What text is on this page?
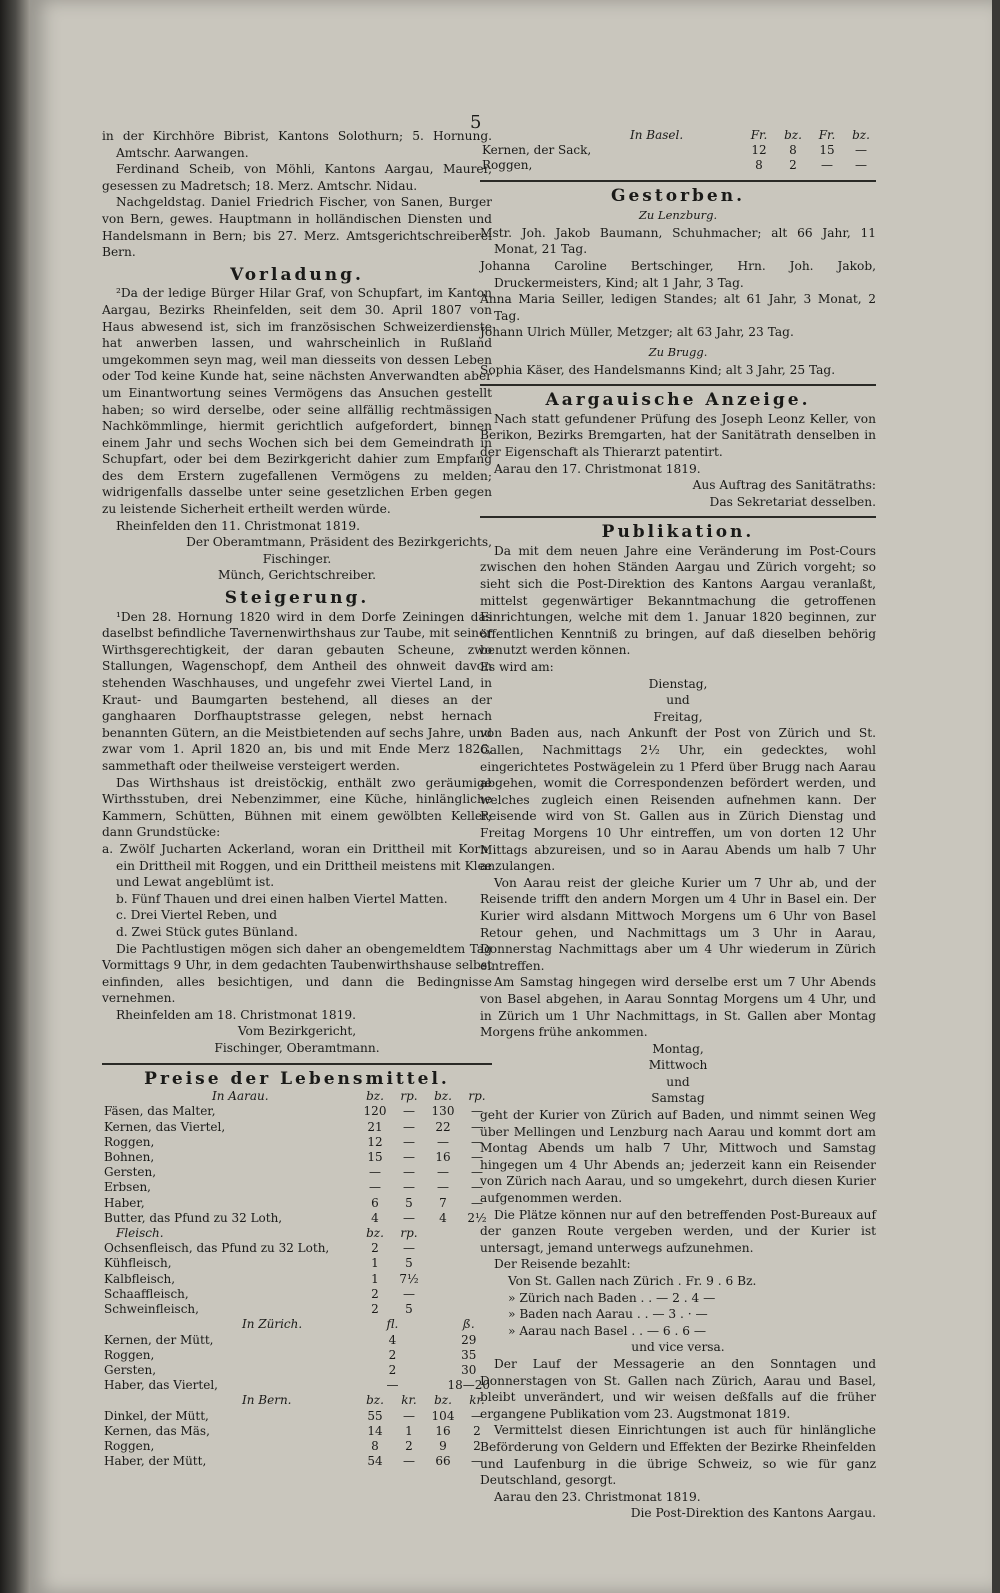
5

in der Kirchhöre Bibrist, Kantons Solothurn; 5. Hornung. Amtschr. Aarwangen.

Ferdinand Scheib, von Möhli, Kantons Aargau, Maurer, gesessen zu Madretsch; 18. Merz. Amtschr. Nidau.

Nachgeldstag. Daniel Friedrich Fischer, von Sanen, Burger von Bern, gewes. Hauptmann in holländischen Diensten und Handelsmann in Bern; bis 27. Merz. Amtsgerichtschreiberei Bern.

Vorladung.

²Da der ledige Bürger Hilar Graf, von Schupfart, im Kanton Aargau, Bezirks Rheinfelden, seit dem 30. April 1807 von Haus abwesend ist, sich im französischen Schweizerdienste hat anwerben lassen, und wahrscheinlich in Rußland umgekommen seyn mag, weil man diesseits von dessen Leben oder Tod keine Kunde hat, seine nächsten Anverwandten aber um Einantwortung seines Vermögens das Ansuchen gestellt haben; so wird derselbe, oder seine allfällig rechtmässigen Nachkömmlinge, hiermit gerichtlich aufgefordert, binnen einem Jahr und sechs Wochen sich bei dem Gemeindrath in Schupfart, oder bei dem Bezirkgericht dahier zum Empfang des dem Erstern zugefallenen Vermögens zu melden; widrigenfalls dasselbe unter seine gesetzlichen Erben gegen zu leistende Sicherheit ertheilt werden würde.

Rheinfelden den 11. Christmonat 1819.

Der Oberamtmann, Präsident des Bezirkgerichts,

Fischinger.

Münch, Gerichtschreiber.

Steigerung.

¹Den 28. Hornung 1820 wird in dem Dorfe Zeiningen das daselbst befindliche Tavernenwirthshaus zur Taube, mit seiner Wirthsgerechtigkeit, der daran gebauten Scheune, zwo Stallungen, Wagenschopf, dem Antheil des ohnweit davon stehenden Waschhauses, und ungefehr zwei Viertel Land, in Kraut- und Baumgarten bestehend, all dieses an der ganghaaren Dorfhauptstrasse gelegen, nebst hernach benannten Gütern, an die Meistbietenden auf sechs Jahre, und zwar vom 1. April 1820 an, bis und mit Ende Merz 1826, sammethaft oder theilweise versteigert werden.

Das Wirthshaus ist dreistöckig, enthält zwo geräumige Wirthsstuben, drei Nebenzimmer, eine Küche, hinlängliche Kammern, Schütten, Bühnen mit einem gewölbten Keller; dann Grundstücke:

a. Zwölf Jucharten Ackerland, woran ein Drittheil mit Korn, ein Drittheil mit Roggen, und ein Drittheil meistens mit Klee und Lewat angeblümt ist.

b. Fünf Thauen und drei einen halben Viertel Matten.

c. Drei Viertel Reben, und

d. Zwei Stück gutes Bünland.

Die Pachtlustigen mögen sich daher an obengemeldtem Tag Vormittags 9 Uhr, in dem gedachten Taubenwirthshause selbst einfinden, alles besichtigen, und dann die Bedingnisse vernehmen.

Rheinfelden am 18. Christmonat 1819.

Vom Bezirkgericht,

Fischinger, Oberamtmann.

Preise der Lebensmittel.
In Aarau.	bz.	rp.	bz.	rp.
Fäsen, das Malter,	120	—	130	—
Kernen, das Viertel,	21	—	22	—
Roggen,	12	—	—	—
Bohnen,	15	—	16	—
Gersten,	—	—	—	—
Erbsen,	—	—	—	—
Haber,	6	5	7	—
Butter, das Pfund zu 32 Loth,	4	—	4	2½
Fleisch.	bz.	rp.		
Ochsenfleisch, das Pfund zu 32 Loth,	2	—		
Kühfleisch,	1	5		
Kalbfleisch,	1	7½		
Schaaffleisch,	2	—		
Schweinfleisch,	2	5		
In Zürich.		fl.		ß.
Kernen, der Mütt,		4		29
Roggen,		2		35
Gersten,		2		30
Haber, das Viertel,		—		18—20
In Bern.	bz.	kr.	bz.	kr.
Dinkel, der Mütt,	55	—	104	—
Kernen, das Mäs,	14	1	16	2
Roggen,	8	2	9	2
Haber, der Mütt,	54	—	66	—
In Basel.	Fr.	bz.	Fr.	bz.
Kernen, der Sack,	12	8	15	—
Roggen,	8	2	—	—
Gestorben.
Zu Lenzburg.

Mstr. Joh. Jakob Baumann, Schuhmacher; alt 66 Jahr, 11 Monat, 21 Tag.

Johanna Caroline Bertschinger, Hrn. Joh. Jakob, Druckermeisters, Kind; alt 1 Jahr, 3 Tag.

Anna Maria Seiller, ledigen Standes; alt 61 Jahr, 3 Monat, 2 Tag.

Johann Ulrich Müller, Metzger; alt 63 Jahr, 23 Tag.

Zu Brugg.

Sophia Käser, des Handelsmanns Kind; alt 3 Jahr, 25 Tag.

Aargauische Anzeige.

Nach statt gefundener Prüfung des Joseph Leonz Keller, von Berikon, Bezirks Bremgarten, hat der Sanitätrath denselben in der Eigenschaft als Thierarzt patentirt.

Aarau den 17. Christmonat 1819.

Aus Auftrag des Sanitätraths:

Das Sekretariat desselben.

Publikation.

Da mit dem neuen Jahre eine Veränderung im Post-Cours zwischen den hohen Ständen Aargau und Zürich vorgeht; so sieht sich die Post-Direktion des Kantons Aargau veranlaßt, mittelst gegenwärtiger Bekanntmachung die getroffenen Einrichtungen, welche mit dem 1. Januar 1820 beginnen, zur öffentlichen Kenntniß zu bringen, auf daß dieselben behörig benutzt werden können.

Es wird am:

Dienstag,

und

Freitag,

von Baden aus, nach Ankunft der Post von Zürich und St. Gallen, Nachmittags 2½ Uhr, ein gedecktes, wohl eingerichtetes Postwägelein zu 1 Pferd über Brugg nach Aarau abgehen, womit die Correspondenzen befördert werden, und welches zugleich einen Reisenden aufnehmen kann. Der Reisende wird von St. Gallen aus in Zürich Dienstag und Freitag Morgens 10 Uhr eintreffen, um von dorten 12 Uhr Mittags abzureisen, und so in Aarau Abends um halb 7 Uhr anzulangen.

Von Aarau reist der gleiche Kurier um 7 Uhr ab, und der Reisende trifft den andern Morgen um 4 Uhr in Basel ein. Der Kurier wird alsdann Mittwoch Morgens um 6 Uhr von Basel Retour gehen, und Nachmittags um 3 Uhr in Aarau, Donnerstag Nachmittags aber um 4 Uhr wiederum in Zürich eintreffen.

Am Samstag hingegen wird derselbe erst um 7 Uhr Abends von Basel abgehen, in Aarau Sonntag Morgens um 4 Uhr, und in Zürich um 1 Uhr Nachmittags, in St. Gallen aber Montag Morgens frühe ankommen.

Montag,

Mittwoch

und

Samstag

geht der Kurier von Zürich auf Baden, und nimmt seinen Weg über Mellingen und Lenzburg nach Aarau und kommt dort am Montag Abends um halb 7 Uhr, Mittwoch und Samstag hingegen um 4 Uhr Abends an; jederzeit kann ein Reisender von Zürich nach Aarau, und so umgekehrt, durch diesen Kurier aufgenommen werden.

Die Plätze können nur auf den betreffenden Post-Bureaux auf der ganzen Route vergeben werden, und der Kurier ist untersagt, jemand unterwegs aufzunehmen.

Der Reisende bezahlt:

Von St. Gallen nach Zürich . Fr. 9 . 6 Bz.

» Zürich nach Baden . . — 2 . 4 —

» Baden nach Aarau . . — 3 . · —

» Aarau nach Basel . . — 6 . 6 —

und vice versa.

Der Lauf der Messagerie an den Sonntagen und Donnerstagen von St. Gallen nach Zürich, Aarau und Basel, bleibt unverändert, und wir weisen deßfalls auf die früher ergangene Publikation vom 23. Augstmonat 1819.

Vermittelst diesen Einrichtungen ist auch für hinlängliche Beförderung von Geldern und Effekten der Bezirke Rheinfelden und Laufenburg in die übrige Schweiz, so wie für ganz Deutschland, gesorgt.

Aarau den 23. Christmonat 1819.

Die Post-Direktion des Kantons Aargau.
